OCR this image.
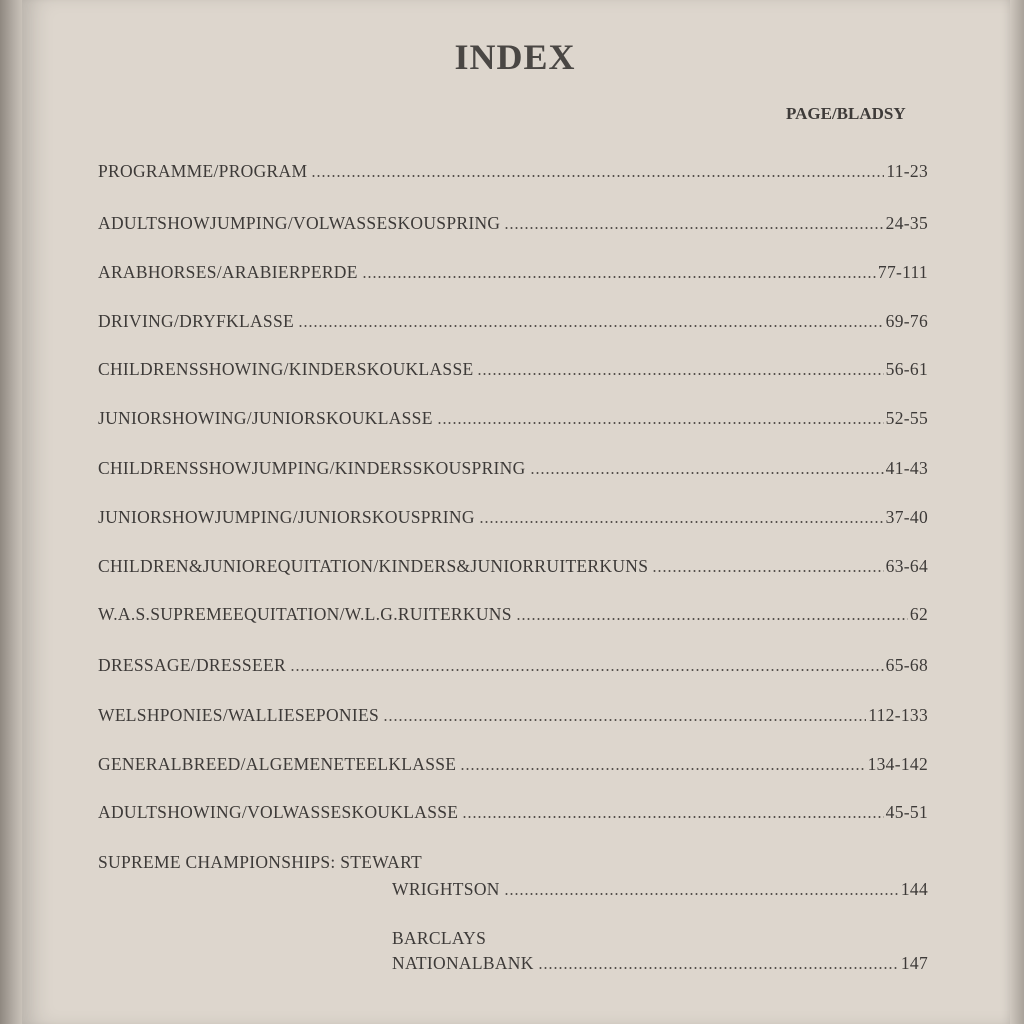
INDEX
PAGE/BLADSY
PROGRAMME/PROGRAM	11-23
ADULTSHOWJUMPING/VOLWASSESKOUSPRING	24-35
ARABHORSES/ARABIERPERDE	77-111
DRIVING/DRYFKLASSE	69-76
CHILDRENSSHOWING/KINDERSKOUKLASSE	56-61
JUNIORSHOWING/JUNIORSKOUKLASSE	52-55
CHILDRENSSHOWJUMPING/KINDERSSKOUSPRING	41-43
JUNIORSHOWJUMPING/JUNIORSKOUSPRING	37-40
CHILDREN&JUNIOREQUITATION/KINDERS&JUNIORRUITERKUNS	63-64
W.A.S.SUPREMEEQUITATION/W.L.G.RUITERKUNS	62
DRESSAGE/DRESSEER	65-68
WELSHPONIES/WALLIESEPONIES	112-133
GENERALBREED/ALGEMENETEELKLASSE	134-142
ADULTSHOWING/VOLWASSESKOUKLASSE	45-51
SUPREME CHAMPIONSHIPS: STEWART
WRIGHTSON	144
BARCLAYS
NATIONALBANK	147
